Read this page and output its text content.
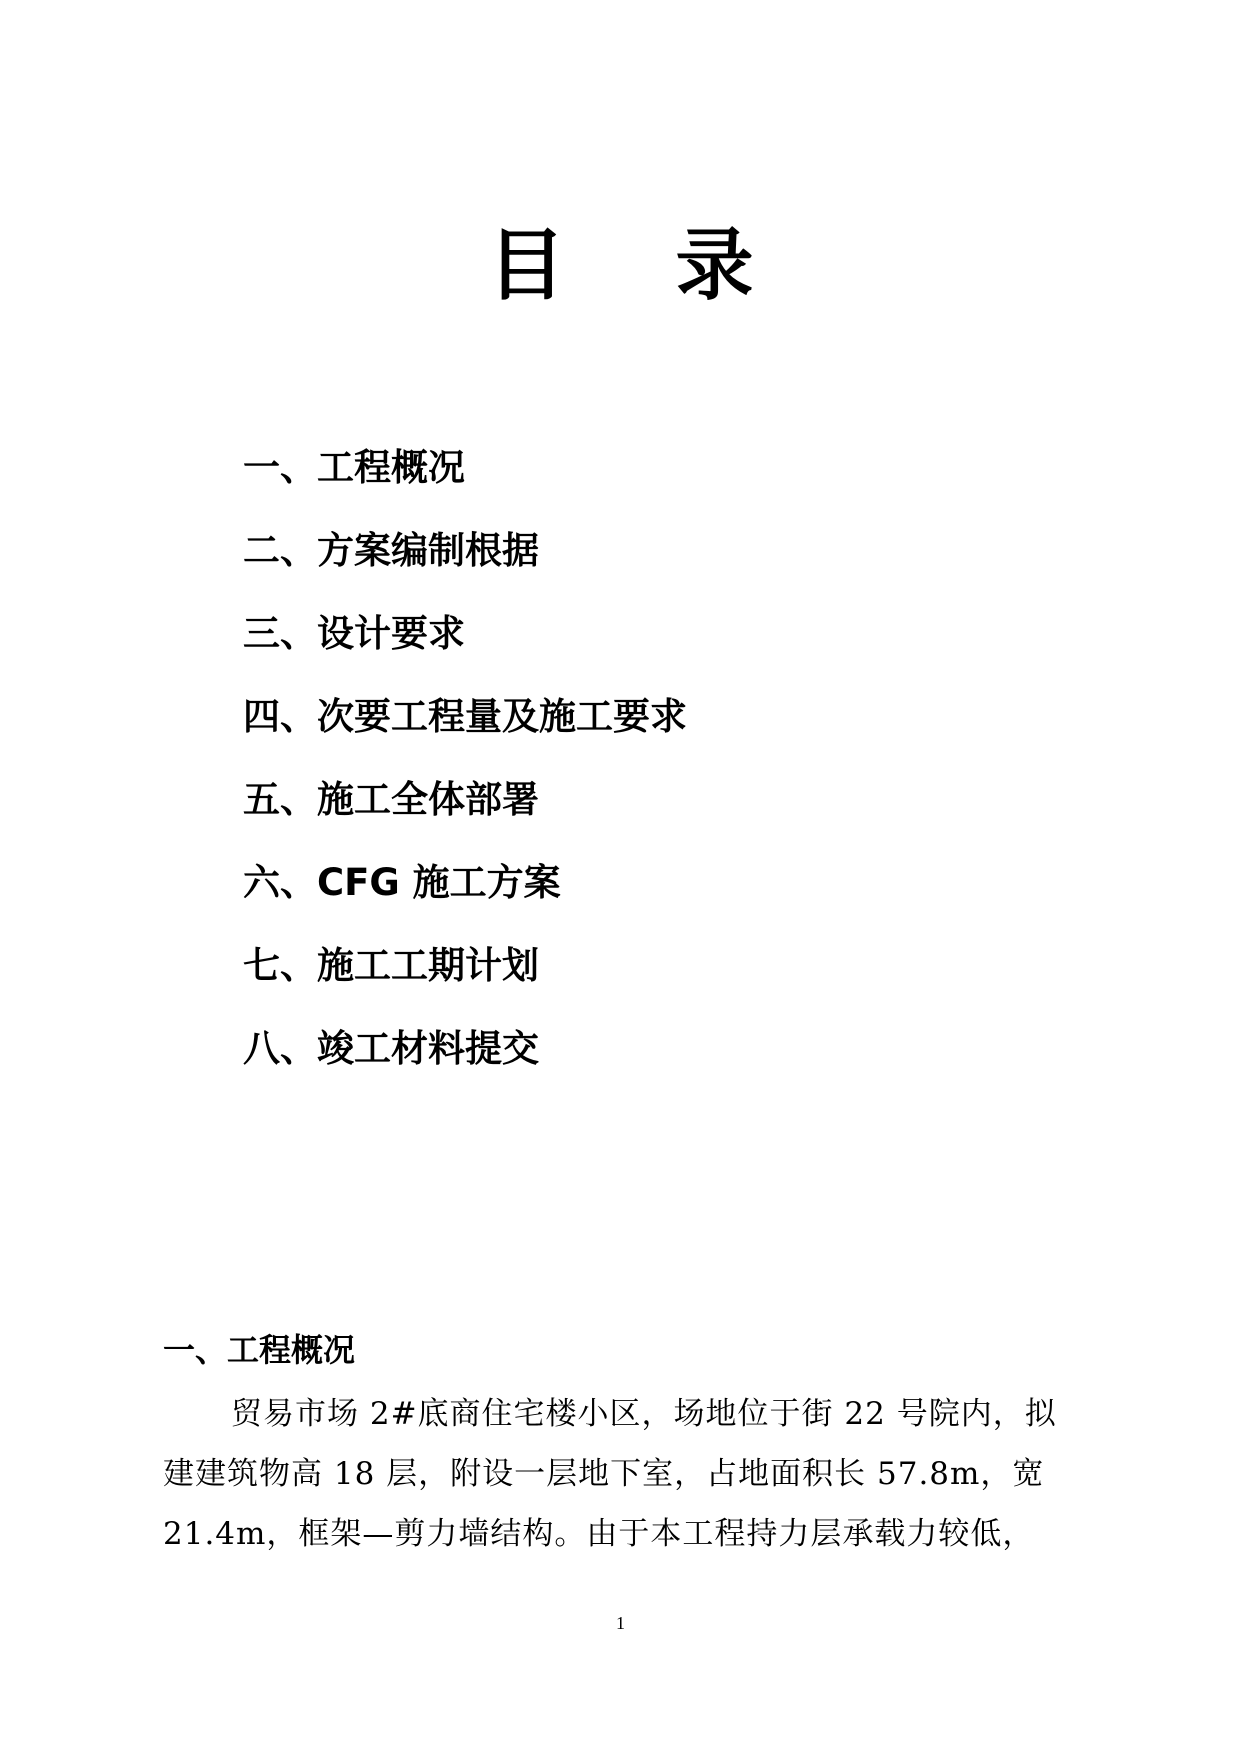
目录
一、工程概况
二、方案编制根据
三、设计要求
四、次要工程量及施工要求
五、施工全体部署
六、CFG 施工方案
七、施工工期计划
八、竣工材料提交
一、工程概况

贸易市场 2#底商住宅楼小区，场地位于街 22 号院内，拟
建建筑物高 18 层，附设一层地下室，占地面积长 57.8m，宽
21.4m，框架—剪力墙结构。由于本工程持力层承载力较低，

1
